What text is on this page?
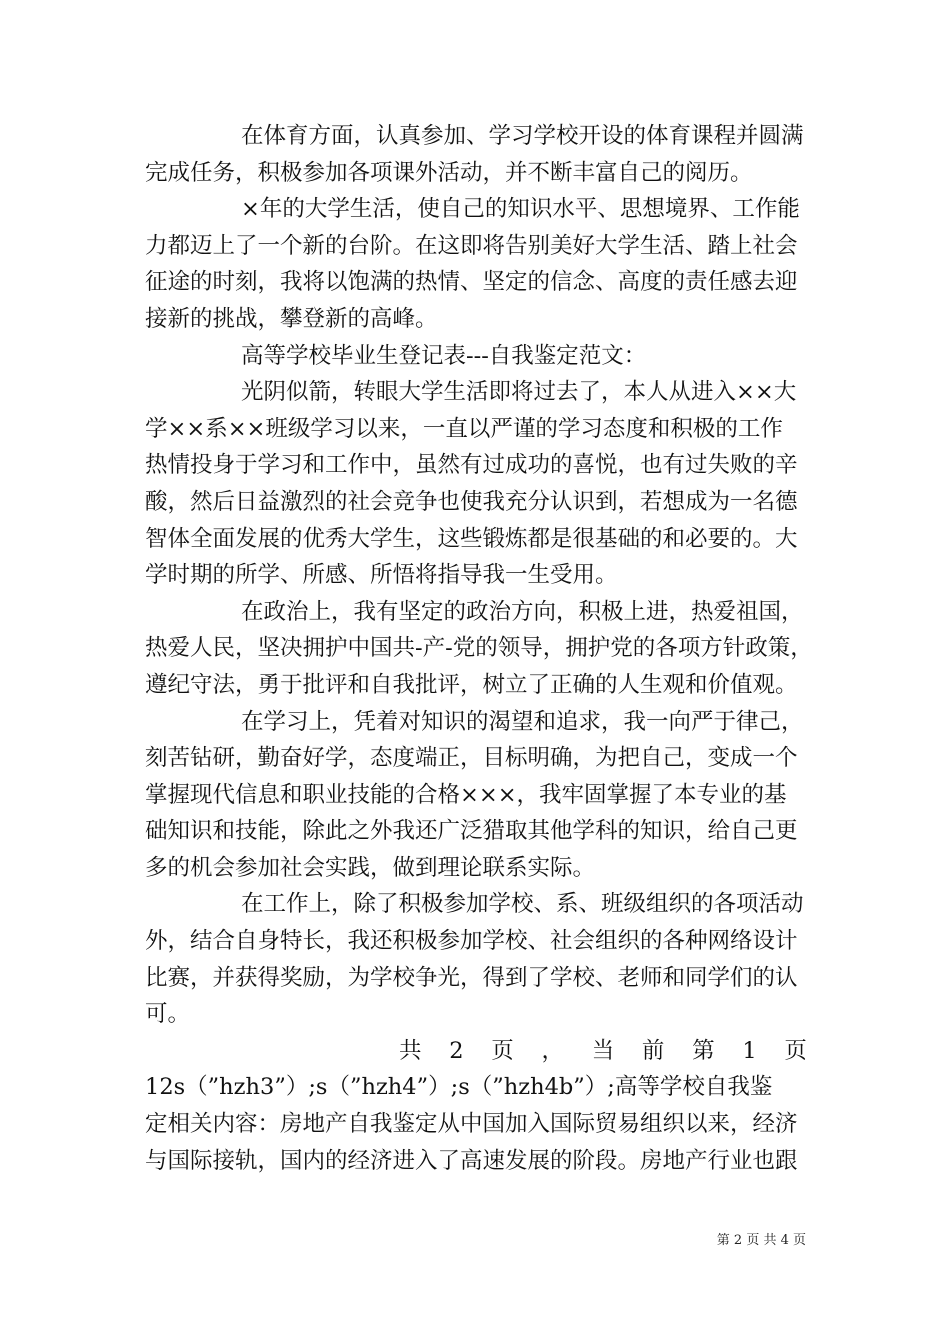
在体育方面，认真参加、学习学校开设的体育课程并圆满
完成任务，积极参加各项课外活动，并不断丰富自己的阅历。
×年的大学生活，使自己的知识水平、思想境界、工作能
力都迈上了一个新的台阶。在这即将告别美好大学生活、踏上社会
征途的时刻，我将以饱满的热情、坚定的信念、高度的责任感去迎
接新的挑战，攀登新的高峰。
高等学校毕业生登记表---自我鉴定范文：
光阴似箭，转眼大学生活即将过去了，本人从进入××大
学××系××班级学习以来，一直以严谨的学习态度和积极的工作
热情投身于学习和工作中，虽然有过成功的喜悦，也有过失败的辛
酸，然后日益激烈的社会竞争也使我充分认识到，若想成为一名德
智体全面发展的优秀大学生，这些锻炼都是很基础的和必要的。大
学时期的所学、所感、所悟将指导我一生受用。
在政治上，我有坚定的政治方向，积极上进，热爱祖国，
热爱人民，坚决拥护中国共-产-党的领导，拥护党的各项方针政策，
遵纪守法，勇于批评和自我批评，树立了正确的人生观和价值观。
在学习上，凭着对知识的渴望和追求，我一向严于律己，
刻苦钻研，勤奋好学，态度端正，目标明确，为把自己，变成一个
掌握现代信息和职业技能的合格×××，我牢固掌握了本专业的基
础知识和技能，除此之外我还广泛猎取其他学科的知识，给自己更
多的机会参加社会实践，做到理论联系实际。
在工作上，除了积极参加学校、系、班级组织的各项活动
外，结合自身特长，我还积极参加学校、社会组织的各种网络设计
比赛，并获得奖励，为学校争光，得到了学校、老师和同学们的认
可。
共 2 页 ， 当 前 第 1 页
12s（”hzh3”）;s（”hzh4”）;s（”hzh4b”）;高等学校自我鉴
定相关内容：房地产自我鉴定从中国加入国际贸易组织以来，经济
与国际接轨，国内的经济进入了高速发展的阶段。房地产行业也跟
第 2 页 共 4 页
